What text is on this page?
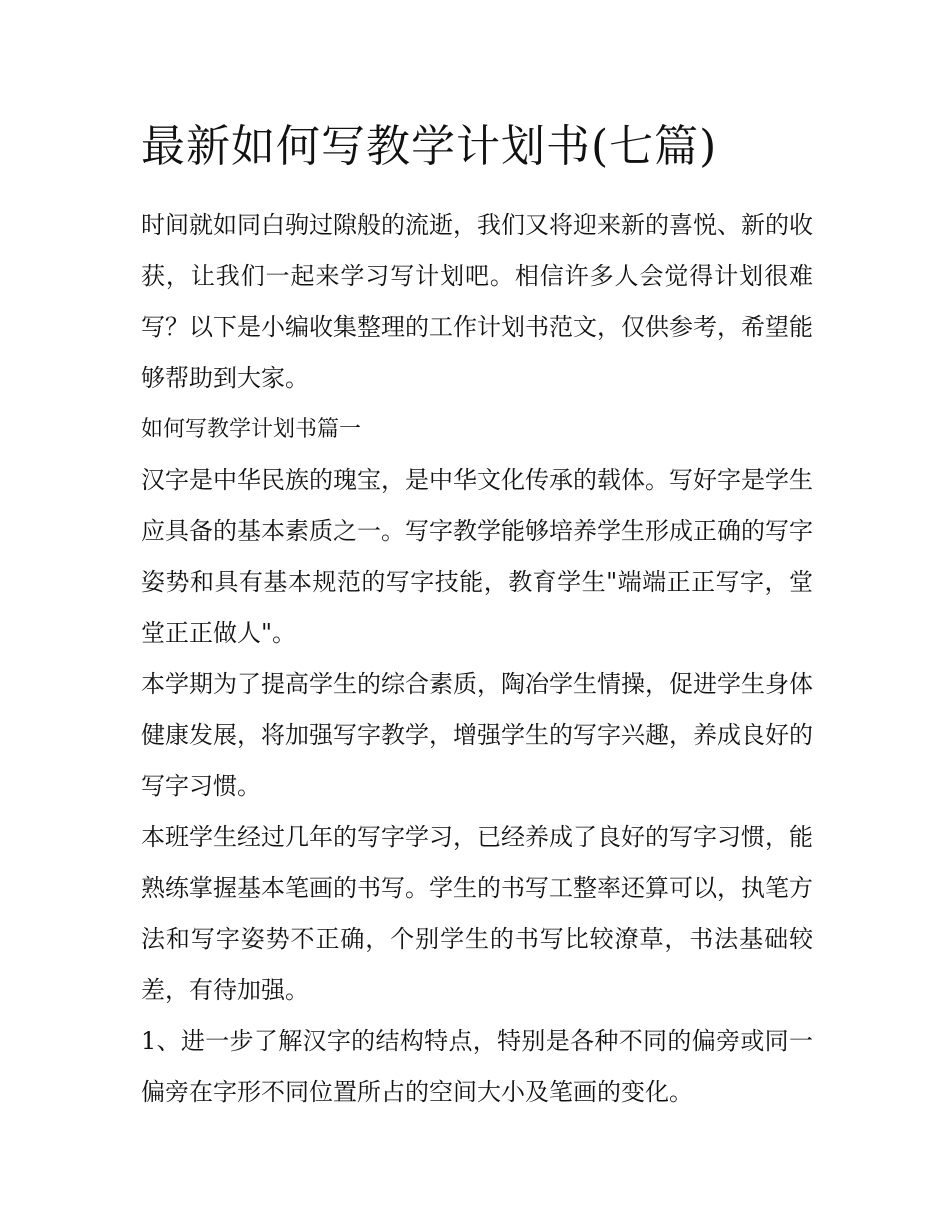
最新如何写教学计划书(七篇)

时间就如同白驹过隙般的流逝，我们又将迎来新的喜悦、新的收获，让我们一起来学习写计划吧。相信许多人会觉得计划很难写？以下是小编收集整理的工作计划书范文，仅供参考，希望能够帮助到大家。

如何写教学计划书篇一

汉字是中华民族的瑰宝，是中华文化传承的载体。写好字是学生应具备的基本素质之一。写字教学能够培养学生形成正确的写字姿势和具有基本规范的写字技能，教育学生"端端正正写字，堂堂正正做人"。

本学期为了提高学生的综合素质，陶冶学生情操，促进学生身体健康发展，将加强写字教学，增强学生的写字兴趣，养成良好的写字习惯。

本班学生经过几年的写字学习，已经养成了良好的写字习惯，能熟练掌握基本笔画的书写。学生的书写工整率还算可以，执笔方法和写字姿势不正确，个别学生的书写比较潦草，书法基础较差，有待加强。

1、进一步了解汉字的结构特点，特别是各种不同的偏旁或同一偏旁在字形不同位置所占的空间大小及笔画的变化。
